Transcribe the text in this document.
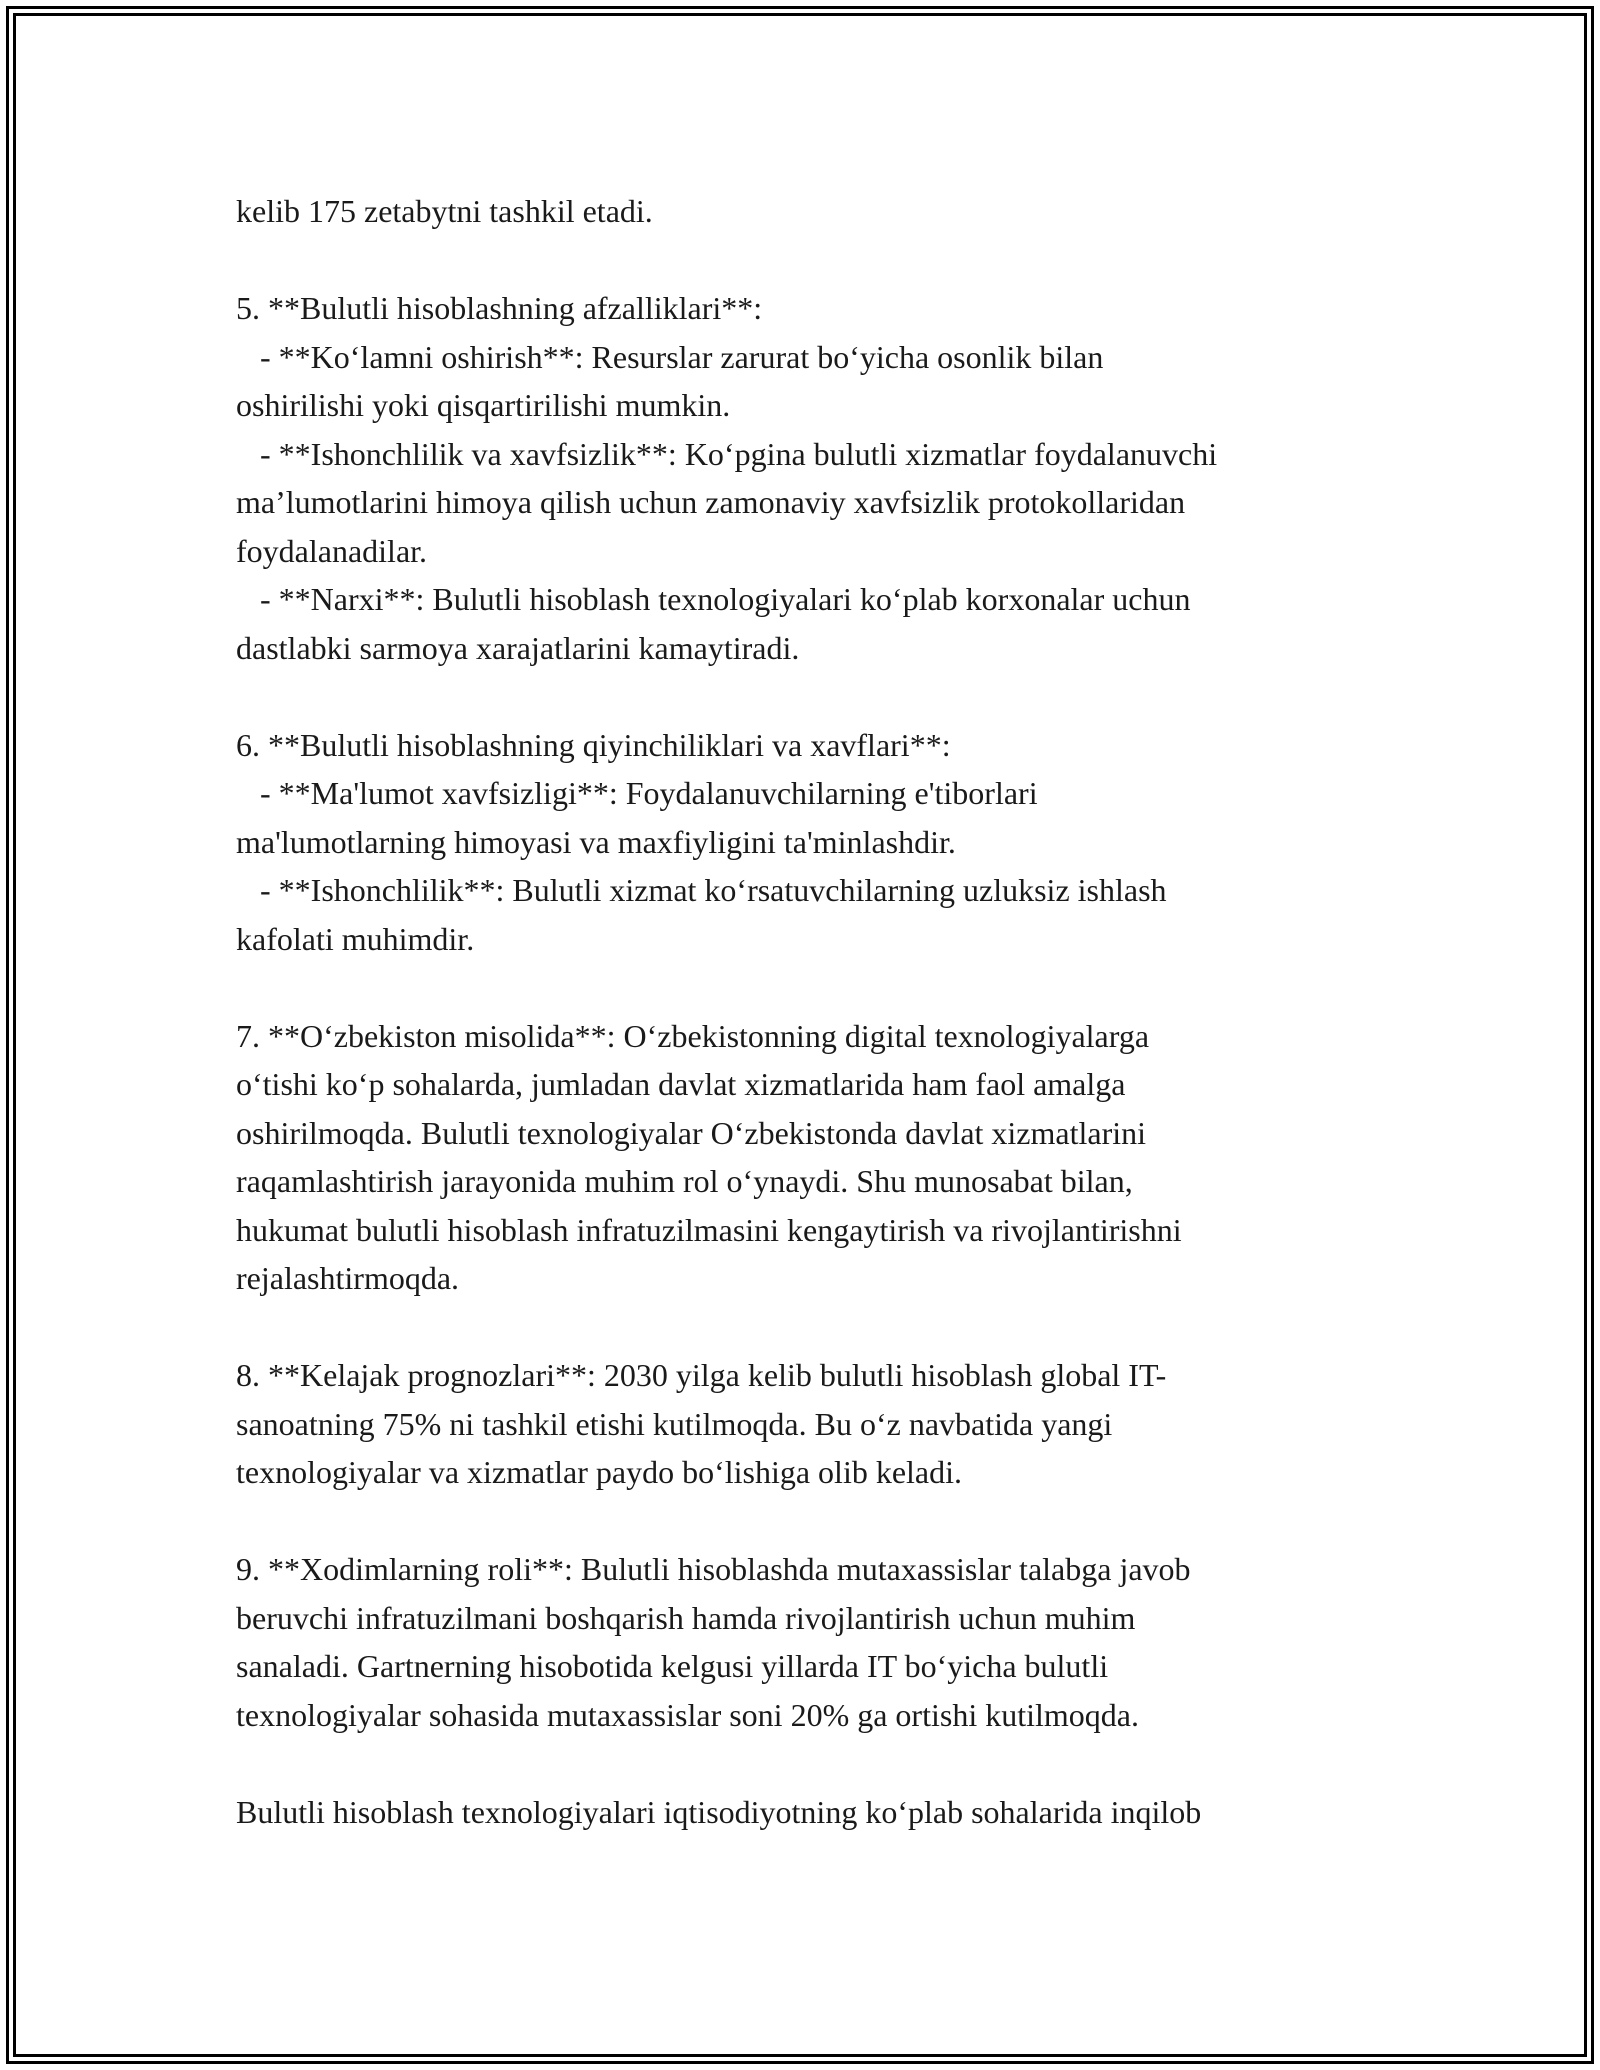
kelib 175 zetabytni tashkil etadi.
5. **Bulutli hisoblashning afzalliklari**:
- **Ko‘lamni oshirish**: Resurslar zarurat bo‘yicha osonlik bilan
oshirilishi yoki qisqartirilishi mumkin.
- **Ishonchlilik va xavfsizlik**: Ko‘pgina bulutli xizmatlar foydalanuvchi
ma’lumotlarini himoya qilish uchun zamonaviy xavfsizlik protokollaridan
foydalanadilar.
- **Narxi**: Bulutli hisoblash texnologiyalari ko‘plab korxonalar uchun
dastlabki sarmoya xarajatlarini kamaytiradi.
6. **Bulutli hisoblashning qiyinchiliklari va xavflari**:
- **Ma'lumot xavfsizligi**: Foydalanuvchilarning e'tiborlari
ma'lumotlarning himoyasi va maxfiyligini ta'minlashdir.
- **Ishonchlilik**: Bulutli xizmat ko‘rsatuvchilarning uzluksiz ishlash
kafolati muhimdir.
7. **O‘zbekiston misolida**: O‘zbekistonning digital texnologiyalarga
o‘tishi ko‘p sohalarda, jumladan davlat xizmatlarida ham faol amalga
oshirilmoqda. Bulutli texnologiyalar O‘zbekistonda davlat xizmatlarini
raqamlashtirish jarayonida muhim rol o‘ynaydi. Shu munosabat bilan,
hukumat bulutli hisoblash infratuzilmasini kengaytirish va rivojlantirishni
rejalashtirmoqda.
8. **Kelajak prognozlari**: 2030 yilga kelib bulutli hisoblash global IT-
sanoatning 75% ni tashkil etishi kutilmoqda. Bu o‘z navbatida yangi
texnologiyalar va xizmatlar paydo bo‘lishiga olib keladi.
9. **Xodimlarning roli**: Bulutli hisoblashda mutaxassislar talabga javob
beruvchi infratuzilmani boshqarish hamda rivojlantirish uchun muhim
sanaladi. Gartnerning hisobotida kelgusi yillarda IT bo‘yicha bulutli
texnologiyalar sohasida mutaxassislar soni 20% ga ortishi kutilmoqda.
Bulutli hisoblash texnologiyalari iqtisodiyotning ko‘plab sohalarida inqilob
